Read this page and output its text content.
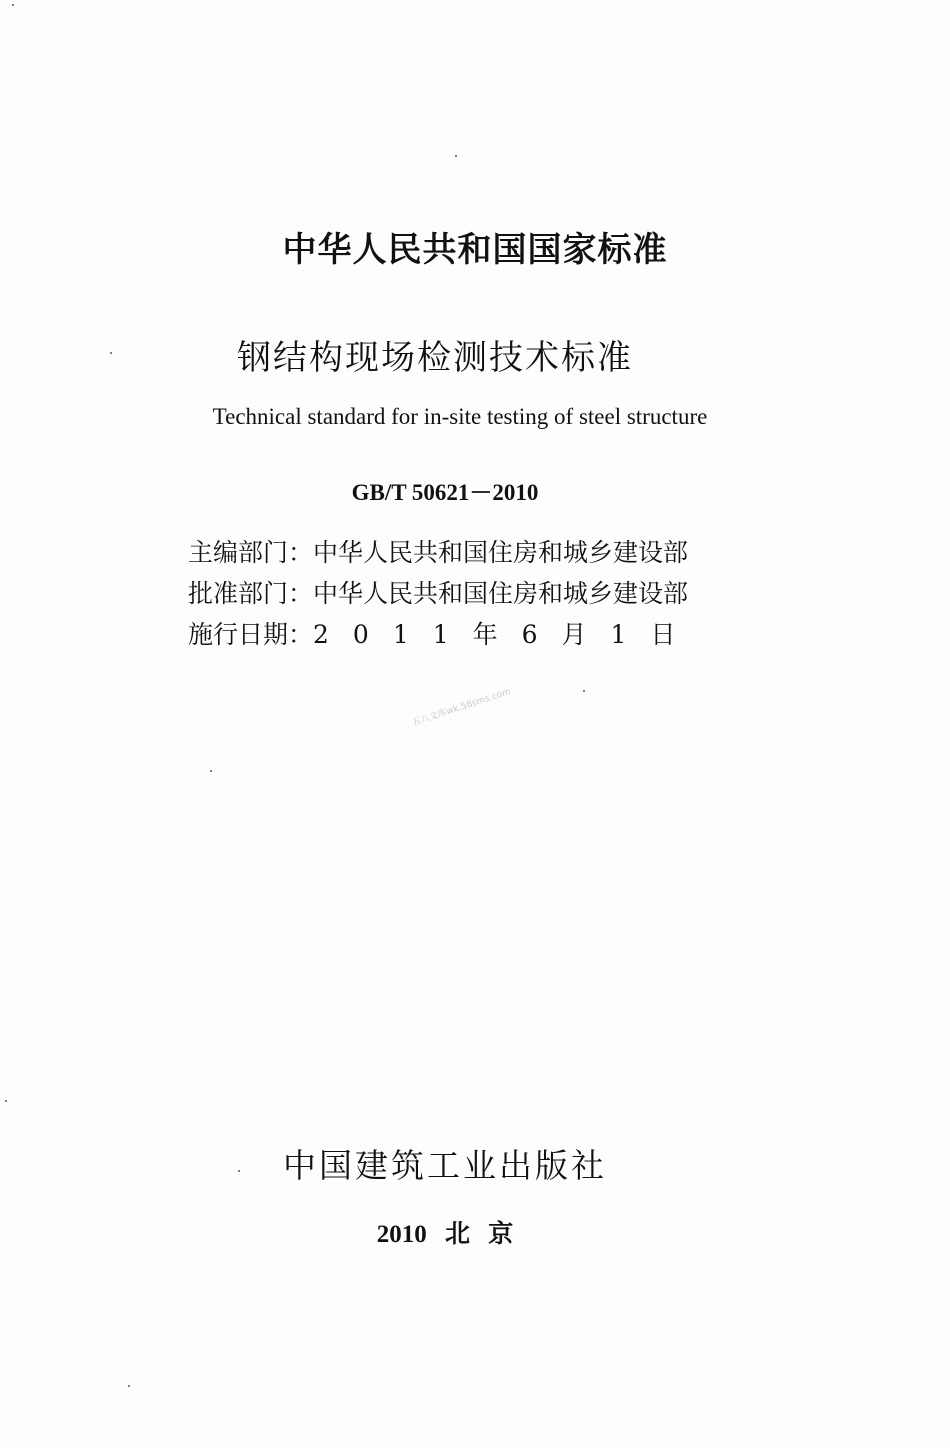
中华人民共和国国家标准
钢结构现场检测技术标准
Technical standard for in-site testing of steel structure
GB/T 50621－2010
主编部门：中华人民共和国住房和城乡建设部
批准部门：中华人民共和国住房和城乡建设部
施行日期：2011年6月1日
五八文库wk.58sms.com
中国建筑工业出版社
2010 北 京
